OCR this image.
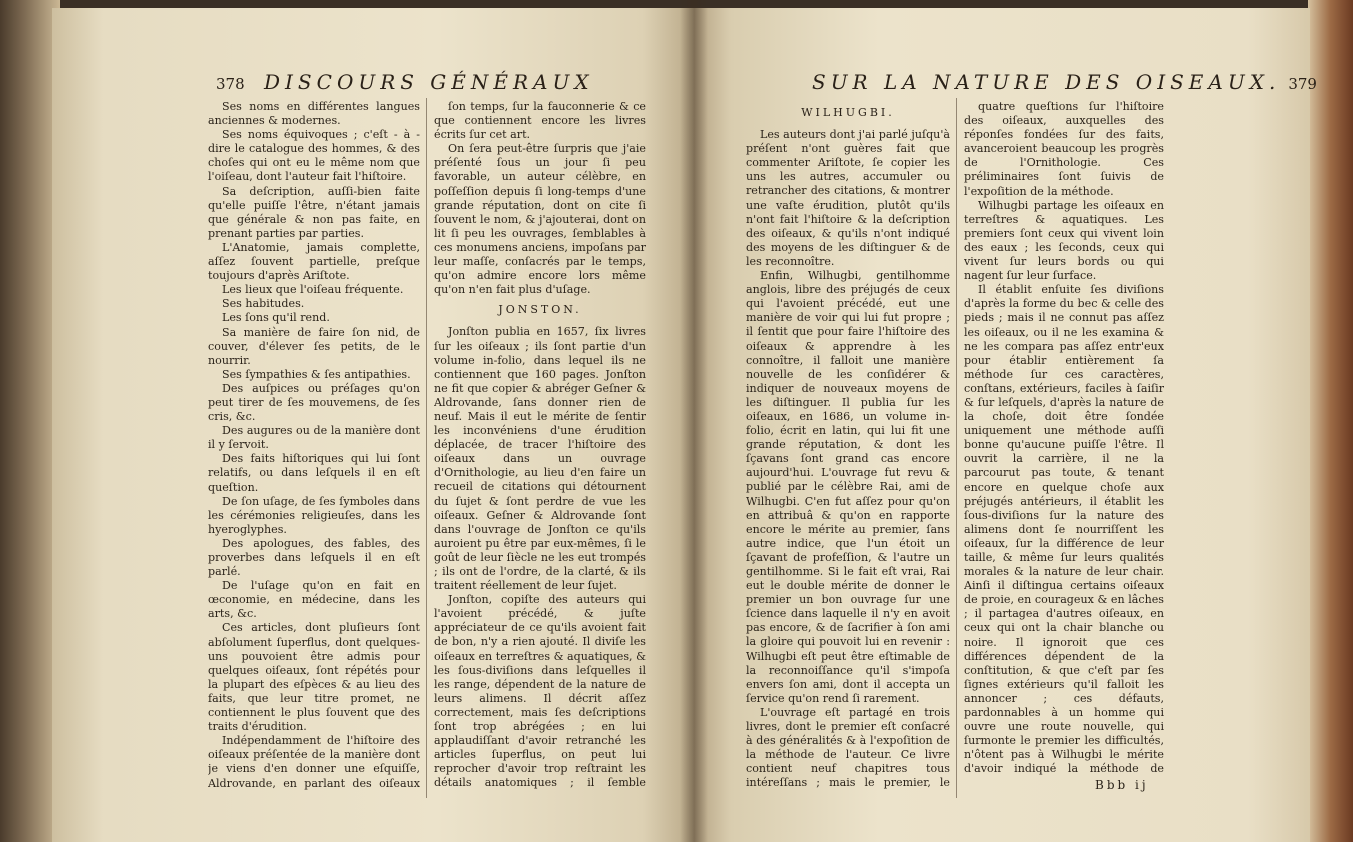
378 DISCOURS GÉNÉRAUX	SUR LA NATURE DES OISEAUX. 379

Ses noms en différentes langues anciennes & modernes.

Ses noms équivoques ; c'eſt - à - dire le catalogue des hommes, & des choſes qui ont eu le même nom que l'oiſeau, dont l'auteur fait l'hiſtoire.

Sa deſcription, auſſi-bien faite qu'elle puiſſe l'être, n'étant jamais que générale & non pas faite, en prenant parties par parties.

L'Anatomie, jamais complette, aſſez ſouvent partielle, preſque toujours d'après Ariſtote.

Les lieux que l'oiſeau fréquente.

Ses habitudes.

Les ſons qu'il rend.

Sa manière de faire ſon nid, de couver, d'élever ſes petits, de le nourrir.

Ses ſympathies & ſes antipathies.

Des auſpices ou préſages qu'on peut tirer de ſes mouvemens, de ſes cris, &c.

Des augures ou de la manière dont il y ſervoit.

Des faits hiſtoriques qui lui ſont relatifs, ou dans leſquels il en eſt queſtion.

De ſon uſage, de ſes ſymboles dans les cérémonies religieuſes, dans les hyeroglyphes.

Des apologues, des fables, des proverbes dans leſquels il en eſt parlé.

De l'uſage qu'on en fait en œconomie, en médecine, dans les arts, &c.

Ces articles, dont pluſieurs ſont abſolument ſuperflus, dont quelques-uns pouvoient être admis pour quelques oiſeaux, ſont répétés pour la plupart des eſpèces & au lieu des faits, que leur titre promet, ne contiennent le plus ſouvent que des traits d'érudition.

Indépendamment de l'hiſtoire des oiſeaux préſentée de la manière dont je viens d'en donner une eſquiſſe, Aldrovande, en parlant des oiſeaux

ſon temps, ſur la fauconnerie & ce que contiennent encore les livres écrits ſur cet art.

On ſera peut-être ſurpris que j'aie préſenté ſous un jour ſi peu favorable, un auteur célèbre, en poſſeſſion depuis ſi long-temps d'une grande réputation, dont on cite ſi ſouvent le nom, & j'ajouterai, dont on lit ſi peu les ouvrages, ſemblables à ces monumens anciens, impoſans par leur maſſe, conſacrés par le temps, qu'on admire encore lors même qu'on n'en fait plus d'uſage.

JONSTON.

Jonſton publia en 1657, ſix livres ſur les oiſeaux ; ils ſont partie d'un volume in-folio, dans lequel ils ne contiennent que 160 pages. Jonſton ne fit que copier & abréger Geſner & Aldrovande, ſans donner rien de neuf. Mais il eut le mérite de ſentir les inconvéniens d'une érudition déplacée, de tracer l'hiſtoire des oiſeaux dans un ouvrage d'Ornithologie, au lieu d'en faire un recueil de citations qui détournent du ſujet & ſont perdre de vue les oiſeaux. Geſner & Aldrovande ſont dans l'ouvrage de Jonſton ce qu'ils auroient pu être par eux-mêmes, ſi le goût de leur ſiècle ne les eut trompés ; ils ont de l'ordre, de la clarté, & ils traitent réellement de leur ſujet.

Jonſton, copiſte des auteurs qui l'avoient précédé, & juſte appréciateur de ce qu'ils avoient fait de bon, n'y a rien ajouté. Il diviſe les oiſeaux en terreſtres & aquatiques, & les ſous-diviſions dans leſquelles il les range, dépendent de la nature de leurs alimens. Il décrit aſſez correctement, mais ſes deſcriptions ſont trop abrégées ; en lui applaudiſſant d'avoir retranché les articles ſuperflus, on peut lui reprocher d'avoir trop reſtraint les détails anatomiques ; il ſemble

WILHUGBI.

Les auteurs dont j'ai parlé juſqu'à préſent n'ont guères fait que commenter Ariſtote, ſe copier les uns les autres, accumuler ou retrancher des citations, & montrer une vaſte érudition, plutôt qu'ils n'ont fait l'hiſtoire & la deſcription des oiſeaux, & qu'ils n'ont indiqué des moyens de les diſtinguer & de les reconnoître.

Enfin, Wilhugbi, gentilhomme anglois, libre des préjugés de ceux qui l'avoient précédé, eut une manière de voir qui lui fut propre ; il ſentit que pour faire l'hiſtoire des oiſeaux & apprendre à les connoître, il falloit une manière nouvelle de les conſidérer & indiquer de nouveaux moyens de les diſtinguer. Il publia ſur les oiſeaux, en 1686, un volume in-folio, écrit en latin, qui lui fit une grande réputation, & dont les ſçavans ſont grand cas encore aujourd'hui. L'ouvrage fut revu & publié par le célèbre Rai, ami de Wilhugbi. C'en fut aſſez pour qu'on en attribuâ & qu'on en rapporte encore le mérite au premier, ſans autre indice, que l'un étoit un ſçavant de profeſſion, & l'autre un gentilhomme. Si le fait eſt vrai, Rai eut le double mérite de donner le premier un bon ouvrage ſur une ſcience dans laquelle il n'y en avoit pas encore, & de ſacrifier à ſon ami la gloire qui pouvoit lui en revenir : Wilhugbi eſt peut être eſtimable de la reconnoiſſance qu'il s'impoſa envers ſon ami, dont il accepta un ſervice qu'on rend ſi rarement.

L'ouvrage eſt partagé en trois livres, dont le premier eſt conſacré à des généralités & à l'expoſition de la méthode de l'auteur. Ce livre contient neuf chapitres tous intéreſſans ; mais le premier, le

quatre queſtions ſur l'hiſtoire des oiſeaux, auxquelles des réponſes fondées ſur des faits, avanceroient beaucoup les progrès de l'Ornithologie. Ces préliminaires ſont ſuivis de l'expoſition de la méthode.

Wilhugbi partage les oiſeaux en terreſtres & aquatiques. Les premiers ſont ceux qui vivent loin des eaux ; les ſeconds, ceux qui vivent ſur leurs bords ou qui nagent ſur leur ſurface.

Il établit enſuite ſes diviſions d'après la forme du bec & celle des pieds ; mais il ne connut pas aſſez les oiſeaux, ou il ne les examina & ne les compara pas aſſez entr'eux pour établir entièrement ſa méthode ſur ces caractères, conſtans, extérieurs, faciles à ſaiſir & ſur leſquels, d'après la nature de la choſe, doit être ſondée uniquement une méthode auſſi bonne qu'aucune puiſſe l'être. Il ouvrit la carrière, il ne la parcourut pas toute, & tenant encore en quelque choſe aux préjugés antérieurs, il établit les ſous-diviſions ſur la nature des alimens dont ſe nourriſſent les oiſeaux, ſur la différence de leur taille, & même ſur leurs qualités morales & la nature de leur chair. Ainſi il diſtingua certains oiſeaux de proie, en courageux & en lâches ; il partagea d'autres oiſeaux, en ceux qui ont la chair blanche ou noire. Il ignoroit que ces différences dépendent de la conſtitution, & que c'eſt par ſes ſignes extérieurs qu'il falloit les annoncer ; ces défauts, pardonnables à un homme qui ouvre une route nouvelle, qui ſurmonte le premier les difficultés, n'ôtent pas à Wilhugbi le mérite d'avoir indiqué la méthode de

Bbb ij
